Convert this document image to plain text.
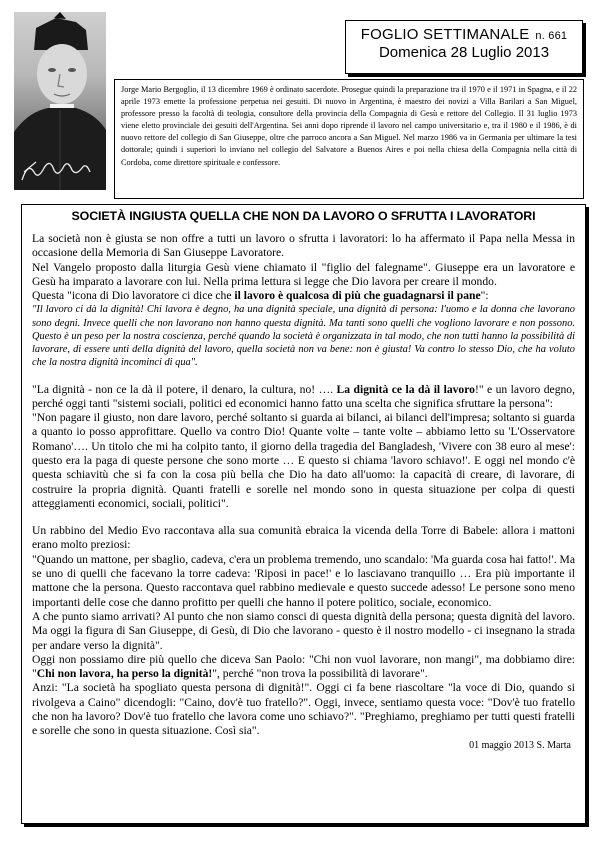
FOGLIO SETTIMANALE n. 661
Domenica 28 Luglio 2013
Jorge Mario Bergoglio, il 13 dicembre 1969 è ordinato sacerdote. Prosegue quindi la preparazione tra il 1970 e il 1971 in Spagna, e il 22 aprile 1973 emette la professione perpetua nei gesuiti. Di nuovo in Argentina, è maestro dei novizi a Villa Barilari a San Miguel, professore presso la facoltà di teologia, consultore della provincia della Compagnia di Gesù e rettore del Collegio. Il 31 luglio 1973 viene eletto provinciale dei gesuiti dell'Argentina. Sei anni dopo riprende il lavoro nel campo universitario e, tra il 1980 e il 1986, è di nuovo rettore del collegio di San Giuseppe, oltre che parroco ancora a San Miguel. Nel marzo 1986 va in Germania per ultimare la tesi dottorale; quindi i superiori lo inviano nel collegio del Salvatore a Buenos Aires e poi nella chiesa della Compagnia nella città di Cordoba, come direttore spirituale e confessore.
SOCIETÀ INGIUSTA QUELLA CHE NON DA LAVORO O SFRUTTA I LAVORATORI

La società non è giusta se non offre a tutti un lavoro o sfrutta i lavoratori: lo ha affermato il Papa nella Messa in occasione della Memoria di San Giuseppe Lavoratore.

Nel Vangelo proposto dalla liturgia Gesù viene chiamato il "figlio del falegname". Giuseppe era un lavoratore e Gesù ha imparato a lavorare con lui. Nella prima lettura si legge che Dio lavora per creare il mondo.

Questa "icona di Dio lavoratore ci dice che il lavoro è qualcosa di più che guadagnarsi il pane":

"Il lavoro ci dà la dignità! Chi lavora è degno, ha una dignità speciale, una dignità di persona: l'uomo e la donna che lavorano sono degni. Invece quelli che non lavorano non hanno questa dignità. Ma tanti sono quelli che vogliono lavorare e non possono. Questo è un peso per la nostra coscienza, perché quando la società è organizzata in tal modo, che non tutti hanno la possibilità di lavorare, di essere unti della dignità del lavoro, quella società non va bene: non è giusta! Va contro lo stesso Dio, che ha voluto che la nostra dignità incominci di qua".

"La dignità - non ce la dà il potere, il denaro, la cultura, no! …. La dignità ce la dà il lavoro!" e un lavoro degno, perché oggi tanti "sistemi sociali, politici ed economici hanno fatto una scelta che significa sfruttare la persona":

"Non pagare il giusto, non dare lavoro, perché soltanto si guarda ai bilanci, ai bilanci dell'impresa; soltanto si guarda a quanto io posso approfittare. Quello va contro Dio! Quante volte – tante volte – abbiamo letto su 'L'Osservatore Romano'…. Un titolo che mi ha colpito tanto, il giorno della tragedia del Bangladesh, 'Vivere con 38 euro al mese': questo era la paga di queste persone che sono morte … E questo si chiama 'lavoro schiavo!'. E oggi nel mondo c'è questa schiavitù che si fa con la cosa più bella che Dio ha dato all'uomo: la capacità di creare, di lavorare, di costruire la propria dignità. Quanti fratelli e sorelle nel mondo sono in questa situazione per colpa di questi atteggiamenti economici, sociali, politici".

Un rabbino del Medio Evo raccontava alla sua comunità ebraica la vicenda della Torre di Babele: allora i mattoni erano molto preziosi:

"Quando un mattone, per sbaglio, cadeva, c'era un problema tremendo, uno scandalo: 'Ma guarda cosa hai fatto!'. Ma se uno di quelli che facevano la torre cadeva: 'Riposi in pace!' e lo lasciavano tranquillo … Era più importante il mattone che la persona. Questo raccontava quel rabbino medievale e questo succede adesso! Le persone sono meno importanti delle cose che danno profitto per quelli che hanno il potere politico, sociale, economico.

A che punto siamo arrivati? Al punto che non siamo consci di questa dignità della persona; questa dignità del lavoro. Ma oggi la figura di San Giuseppe, di Gesù, di Dio che lavorano - questo è il nostro modello - ci insegnano la strada per andare verso la dignità".

Oggi non possiamo dire più quello che diceva San Paolo: "Chi non vuol lavorare, non mangi", ma dobbiamo dire: "Chi non lavora, ha perso la dignità!", perché "non trova la possibilità di lavorare".

Anzi: "La società ha spogliato questa persona di dignità!". Oggi ci fa bene riascoltare "la voce di Dio, quando si rivolgeva a Caino" dicendogli: "Caino, dov'è tuo fratello?". Oggi, invece, sentiamo questa voce: "Dov'è tuo fratello che non ha lavoro? Dov'è tuo fratello che lavora come uno schiavo?". "Preghiamo, preghiamo per tutti questi fratelli e sorelle che sono in questa situazione. Così sia".

01 maggio 2013 S. Marta
